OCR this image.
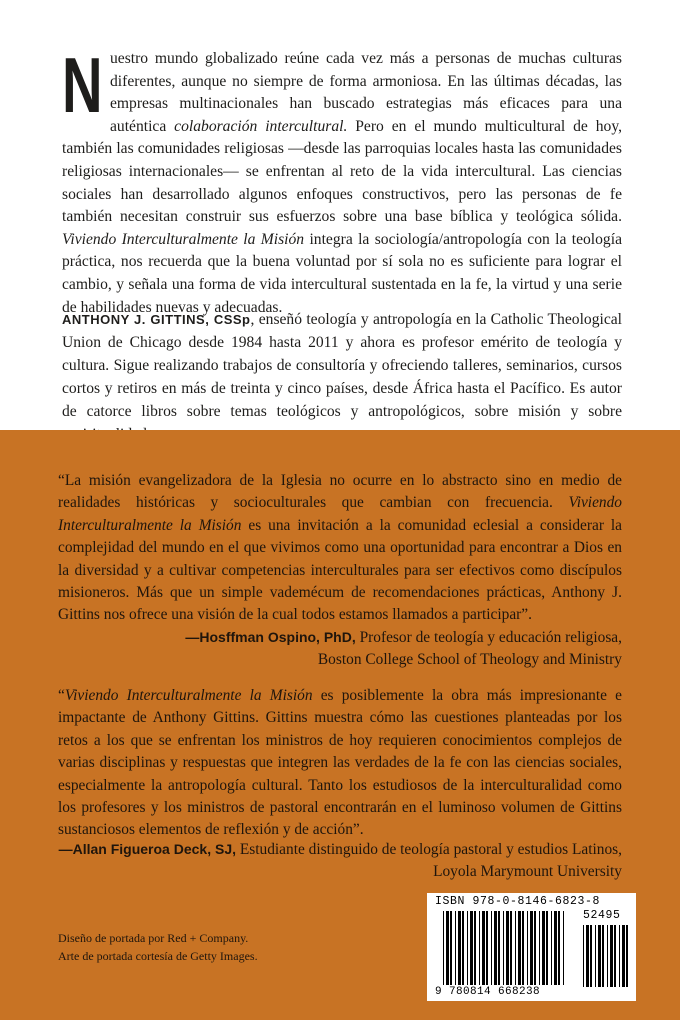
Nuestro mundo globalizado reúne cada vez más a personas de muchas culturas diferentes, aunque no siempre de forma armoniosa. En las últimas décadas, las empresas multinacionales han buscado estrategias más eficaces para una auténtica colaboración intercultural. Pero en el mundo multicultural de hoy, también las comunidades religiosas —desde las parroquias locales hasta las comunidades religiosas internacionales— se enfrentan al reto de la vida intercultural. Las ciencias sociales han desarrollado algunos enfoques constructivos, pero las personas de fe también necesitan construir sus esfuerzos sobre una base bíblica y teológica sólida. Viviendo Interculturalmente la Misión integra la sociología/antropología con la teología práctica, nos recuerda que la buena voluntad por sí sola no es suficiente para lograr el cambio, y señala una forma de vida intercultural sustentada en la fe, la virtud y una serie de habilidades nuevas y adecuadas.

ANTHONY J. GITTINS, CSSp, enseñó teología y antropología en la Catholic Theological Union de Chicago desde 1984 hasta 2011 y ahora es profesor emérito de teología y cultura. Sigue realizando trabajos de consultoría y ofreciendo talleres, seminarios, cursos cortos y retiros en más de treinta y cinco países, desde África hasta el Pacífico. Es autor de catorce libros sobre temas teológicos y antropológicos, sobre misión y sobre

“La misión evangelizadora de la Iglesia no ocurre en lo abstracto sino en medio de realidades históricas y socioculturales que cambian con frecuencia. Viviendo Interculturalmente la Misión es una invitación a la comunidad eclesial a considerar la complejidad del mundo en el que vivimos como una oportunidad para encontrar a Dios en la diversidad y a cultivar competencias interculturales para ser efectivos como discípulos misioneros. Más que un simple vademécum de recomendaciones prácticas, Anthony J. Gittins nos ofrece una visión de la cual todos estamos llamados a participar”.

—Hosffman Ospino, PhD, Profesor de teología y educación religiosa,
Boston College School of Theology and Ministry

“Viviendo Interculturalmente la Misión es posiblemente la obra más impresionante e impactante de Anthony Gittins. Gittins muestra cómo las cuestiones planteadas por los retos a los que se enfrentan los ministros de hoy requieren conocimientos complejos de varias disciplinas y respuestas que integren las verdades de la fe con las ciencias sociales, especialmente la antropología cultural. Tanto los estudiosos de la interculturalidad como los profesores y los ministros de pastoral encontrarán en el luminoso volumen de Gittins sustanciosos elementos de reflexión y de acción”.

—Allan Figueroa Deck, SJ, Estudiante distinguido de teología pastoral y estudios Latinos,
Loyola Marymount University

Diseño de portada por Red + Company.
Arte de portada cortesía de Getty Images.

ISBN 978-0-8146-6823-8
52495
9 780814 668238
